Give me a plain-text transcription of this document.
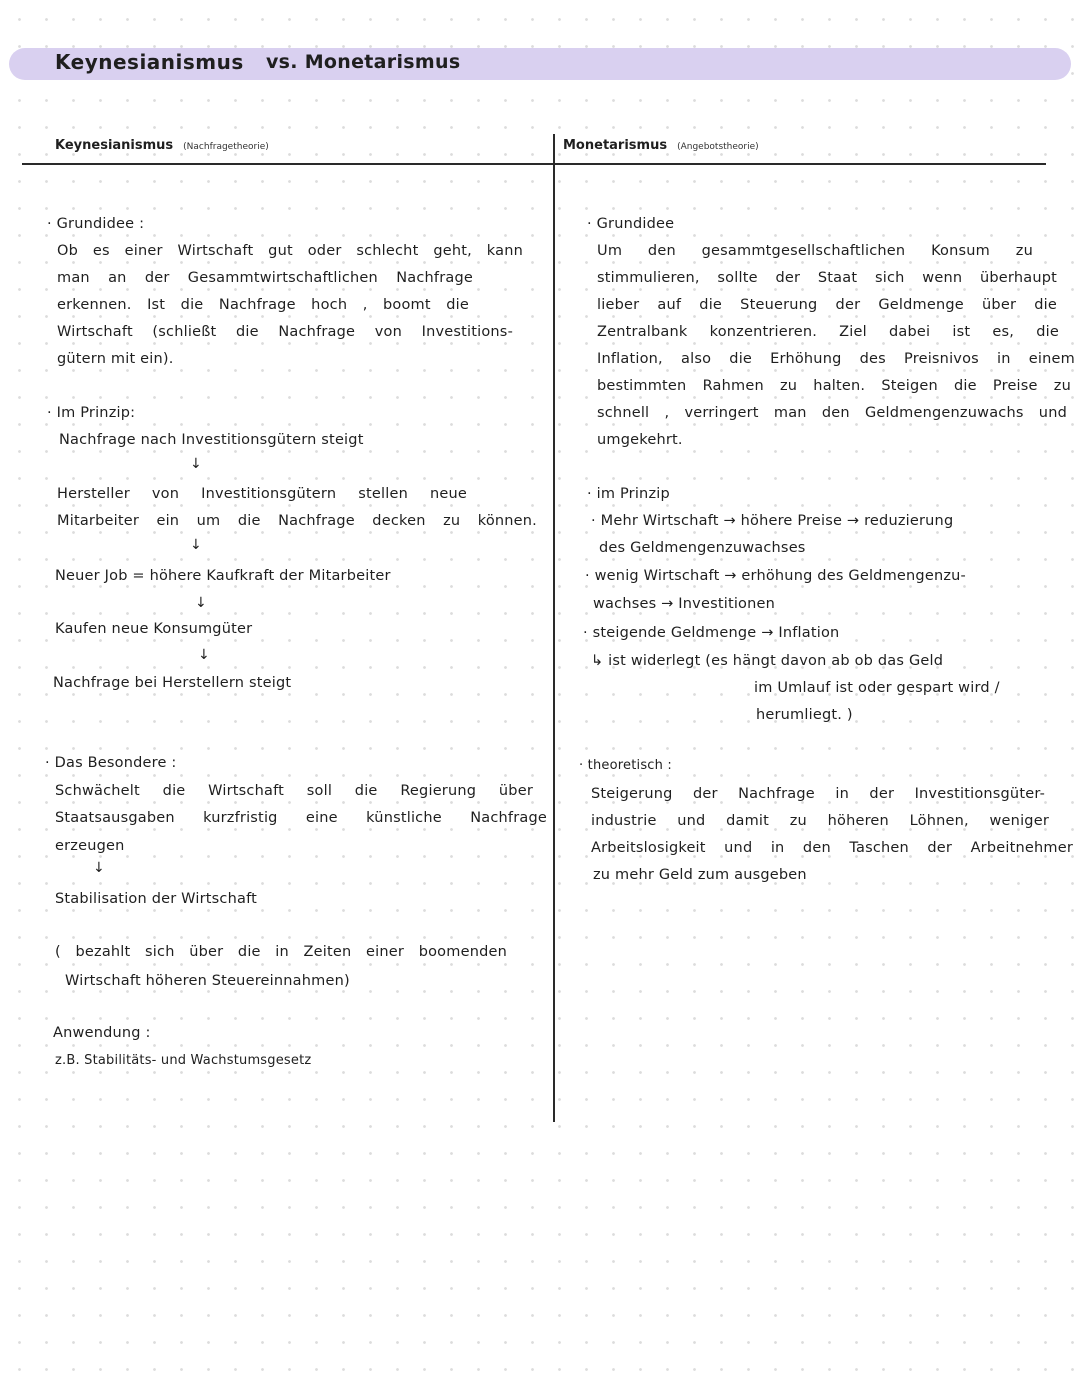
Keynesianismus vs. Monetarismus
Keynesianismus (Nachfragetheorie)	Monetarismus (Angebotstheorie)
· Grundidee :
Ob es einer Wirtschaft gut oder schlecht geht, kann
man an der Gesammtwirtschaftlichen Nachfrage
erkennen. Ist die Nachfrage hoch , boomt die
Wirtschaft (schließt die Nachfrage von Investitions-
gütern mit ein).
· Im Prinzip:
Nachfrage nach Investitionsgütern steigt
↓
Hersteller von Investitionsgütern stellen neue
Mitarbeiter ein um die Nachfrage decken zu können.
↓
Neuer Job = höhere Kaufkraft der Mitarbeiter
↓
Kaufen neue Konsumgüter
↓
Nachfrage bei Herstellern steigt
· Das Besondere :
Schwächelt die Wirtschaft soll die Regierung über
Staatsausgaben kurzfristig eine künstliche Nachfrage
erzeugen
↓
Stabilisation der Wirtschaft
( bezahlt sich über die in Zeiten einer boomenden
Wirtschaft höheren Steuereinnahmen)
Anwendung :
z.B. Stabilitäts- und Wachstumsgesetz
· Grundidee
Um den gesammtgesellschaftlichen Konsum zu
stimmulieren, sollte der Staat sich wenn überhaupt
lieber auf die Steuerung der Geldmenge über die
Zentralbank konzentrieren. Ziel dabei ist es, die
Inflation, also die Erhöhung des Preisnivos in einem
bestimmten Rahmen zu halten. Steigen die Preise zu
schnell , verringert man den Geldmengenzuwachs und
umgekehrt.
· im Prinzip
· Mehr Wirtschaft → höhere Preise → reduzierung
des Geldmengenzuwachses
· wenig Wirtschaft → erhöhung des Geldmengenzu-
wachses → Investitionen
· steigende Geldmenge → Inflation
↳ ist widerlegt (es hängt davon ab ob das Geld
im Umlauf ist oder gespart wird /
herumliegt. )
· theoretisch :
Steigerung der Nachfrage in der Investitionsgüter-
industrie und damit zu höheren Löhnen, weniger
Arbeitslosigkeit und in den Taschen der Arbeitnehmer
zu mehr Geld zum ausgeben
